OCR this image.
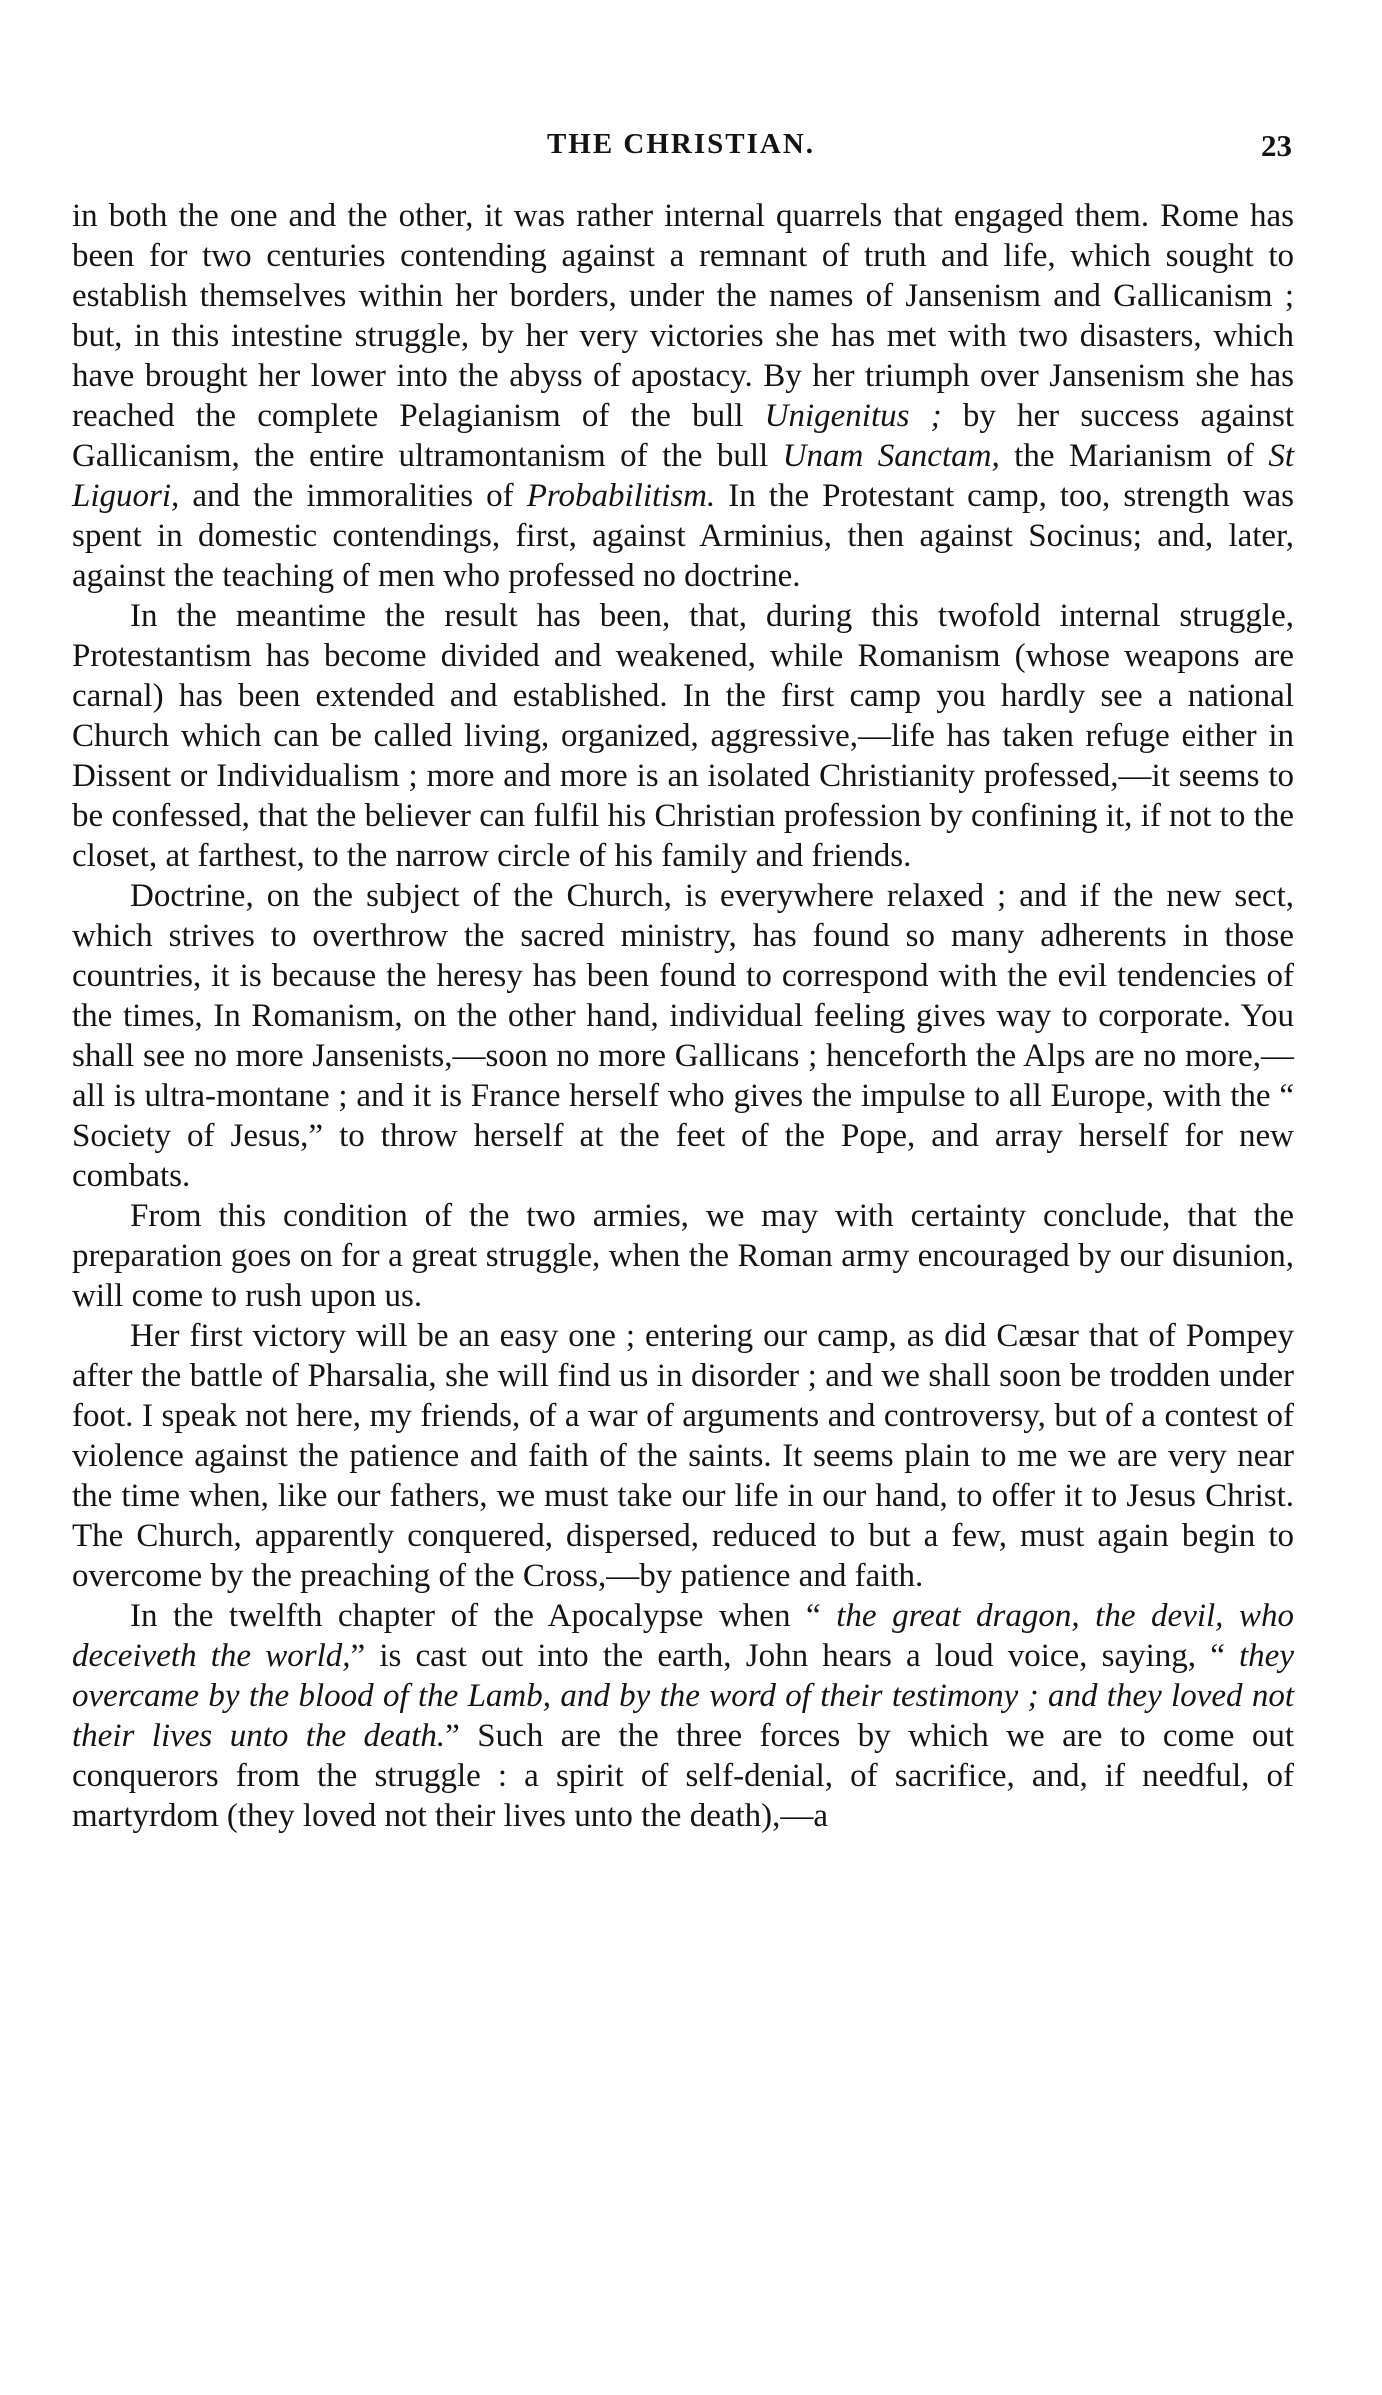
THE CHRISTIAN.	23

in both the one and the other, it was rather internal quarrels that engaged them. Rome has been for two centuries contending against a remnant of truth and life, which sought to establish themselves within her borders, under the names of Jansenism and Gallicanism ; but, in this intestine struggle, by her very victories she has met with two disasters, which have brought her lower into the abyss of apostacy. By her triumph over Jansenism she has reached the complete Pelagianism of the bull Unigenitus ; by her success against Gallicanism, the entire ultramontanism of the bull Unam Sanctam, the Marianism of St Liguori, and the immoralities of Probabilitism. In the Protestant camp, too, strength was spent in domestic contendings, first, against Arminius, then against Socinus; and, later, against the teaching of men who professed no doctrine.

In the meantime the result has been, that, during this twofold internal struggle, Protestantism has become divided and weakened, while Romanism (whose weapons are carnal) has been extended and established. In the first camp you hardly see a national Church which can be called living, organized, aggressive,—life has taken refuge either in Dissent or Individualism ; more and more is an isolated Christianity professed,—it seems to be confessed, that the believer can fulfil his Christian profession by confining it, if not to the closet, at farthest, to the narrow circle of his family and friends.

Doctrine, on the subject of the Church, is everywhere relaxed ; and if the new sect, which strives to overthrow the sacred ministry, has found so many adherents in those countries, it is because the heresy has been found to correspond with the evil tendencies of the times, In Romanism, on the other hand, individual feeling gives way to corporate. You shall see no more Jansenists,—soon no more Gallicans ; henceforth the Alps are no more,—all is ultra-montane ; and it is France herself who gives the impulse to all Europe, with the “ Society of Jesus,” to throw herself at the feet of the Pope, and array herself for new combats.

From this condition of the two armies, we may with certainty conclude, that the preparation goes on for a great struggle, when the Roman army encouraged by our disunion, will come to rush upon us.

Her first victory will be an easy one ; entering our camp, as did Cæsar that of Pompey after the battle of Pharsalia, she will find us in disorder ; and we shall soon be trodden under foot. I speak not here, my friends, of a war of arguments and controversy, but of a contest of violence against the patience and faith of the saints. It seems plain to me we are very near the time when, like our fathers, we must take our life in our hand, to offer it to Jesus Christ. The Church, apparently conquered, dispersed, reduced to but a few, must again begin to overcome by the preaching of the Cross,—by patience and faith.

In the twelfth chapter of the Apocalypse when “ the great dragon, the devil, who deceiveth the world,” is cast out into the earth, John hears a loud voice, saying, “ they overcame by the blood of the Lamb, and by the word of their testimony ; and they loved not their lives unto the death.” Such are the three forces by which we are to come out conquerors from the struggle : a spirit of self-denial, of sacrifice, and, if needful, of martyrdom (they loved not their lives unto the death),—a
